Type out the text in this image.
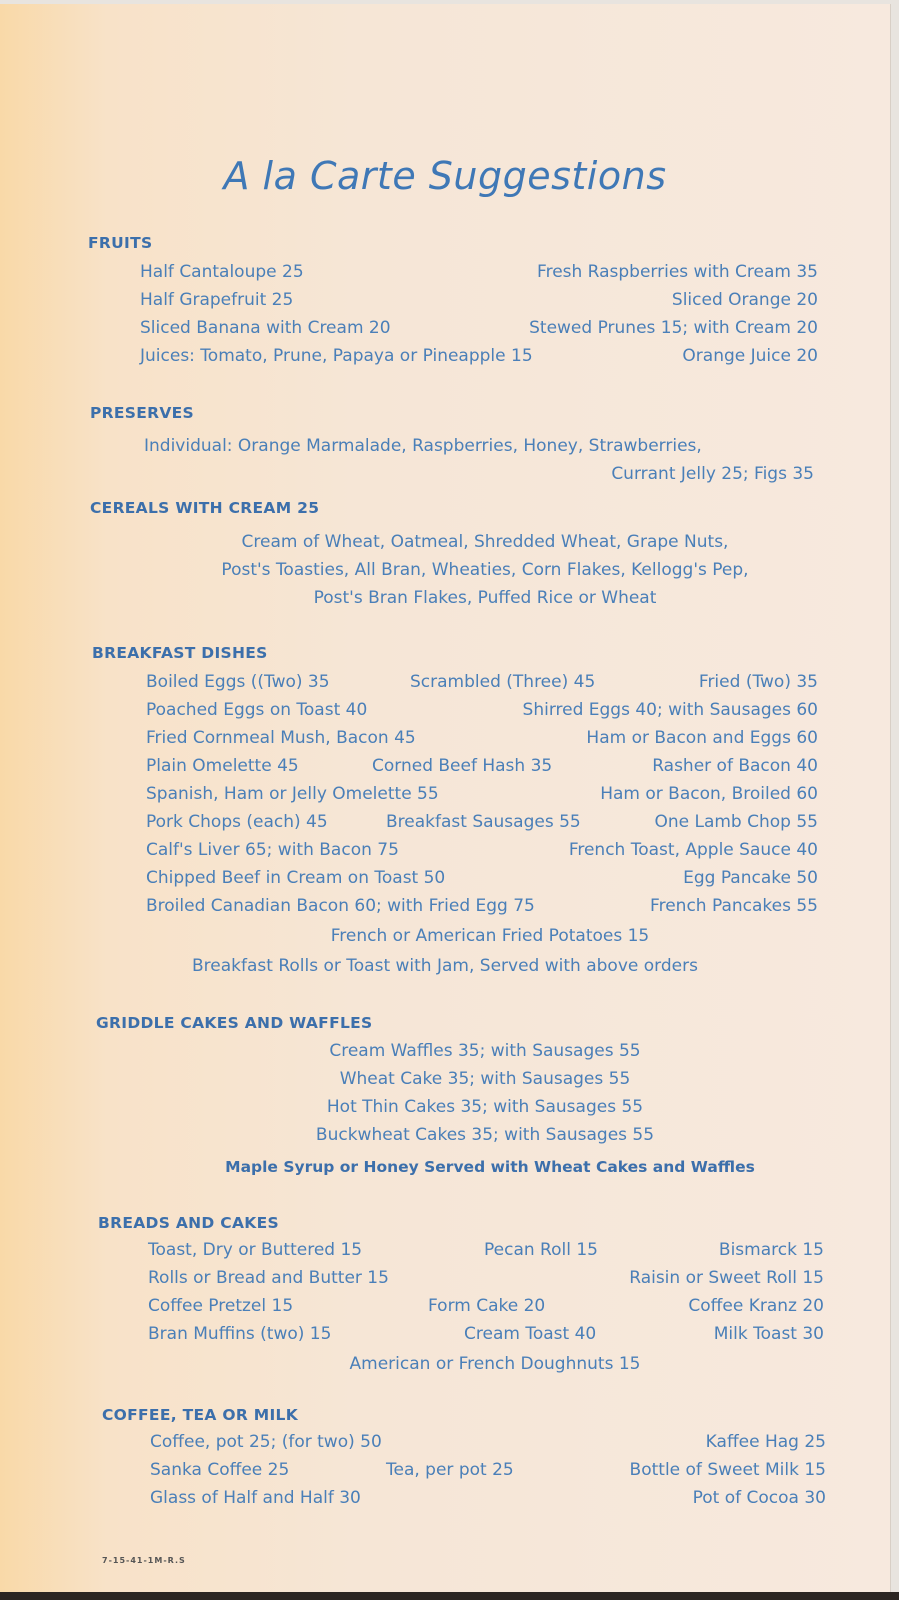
A la Carte Suggestions
FRUITS
Half Cantaloupe 25	Fresh Raspberries with Cream 35
Half Grapefruit 25	Sliced Orange 20
Sliced Banana with Cream 20	Stewed Prunes 15; with Cream 20
Juices: Tomato, Prune, Papaya or Pineapple 15	Orange Juice 20
PRESERVES
Individual: Orange Marmalade, Raspberries, Honey, Strawberries,
Currant Jelly 25; Figs 35
CEREALS WITH CREAM 25
Cream of Wheat, Oatmeal, Shredded Wheat, Grape Nuts,
Post's Toasties, All Bran, Wheaties, Corn Flakes, Kellogg's Pep,
Post's Bran Flakes, Puffed Rice or Wheat
BREAKFAST DISHES
Boiled Eggs ((Two) 35	Scrambled (Three) 45	Fried (Two) 35
Poached Eggs on Toast 40	Shirred Eggs 40; with Sausages 60
Fried Cornmeal Mush, Bacon 45	Ham or Bacon and Eggs 60
Plain Omelette 45	Corned Beef Hash 35	Rasher of Bacon 40
Spanish, Ham or Jelly Omelette 55	Ham or Bacon, Broiled 60
Pork Chops (each) 45	Breakfast Sausages 55	One Lamb Chop 55
Calf's Liver 65; with Bacon 75	French Toast, Apple Sauce 40
Chipped Beef in Cream on Toast 50	Egg Pancake 50
Broiled Canadian Bacon 60; with Fried Egg 75	French Pancakes 55
French or American Fried Potatoes 15
Breakfast Rolls or Toast with Jam, Served with above orders
GRIDDLE CAKES AND WAFFLES
Cream Waffles 35; with Sausages 55
Wheat Cake 35; with Sausages 55
Hot Thin Cakes 35; with Sausages 55
Buckwheat Cakes 35; with Sausages 55
Maple Syrup or Honey Served with Wheat Cakes and Waffles
BREADS AND CAKES
Toast, Dry or Buttered 15	Pecan Roll 15	Bismarck 15
Rolls or Bread and Butter 15	Raisin or Sweet Roll 15
Coffee Pretzel 15	Form Cake 20	Coffee Kranz 20
Bran Muffins (two) 15	Cream Toast 40	Milk Toast 30
American or French Doughnuts 15
COFFEE, TEA OR MILK
Coffee, pot 25; (for two) 50	Kaffee Hag 25
Sanka Coffee 25	Tea, per pot 25	Bottle of Sweet Milk 15
Glass of Half and Half 30	Pot of Cocoa 30
7-15-41-1M-R.S
